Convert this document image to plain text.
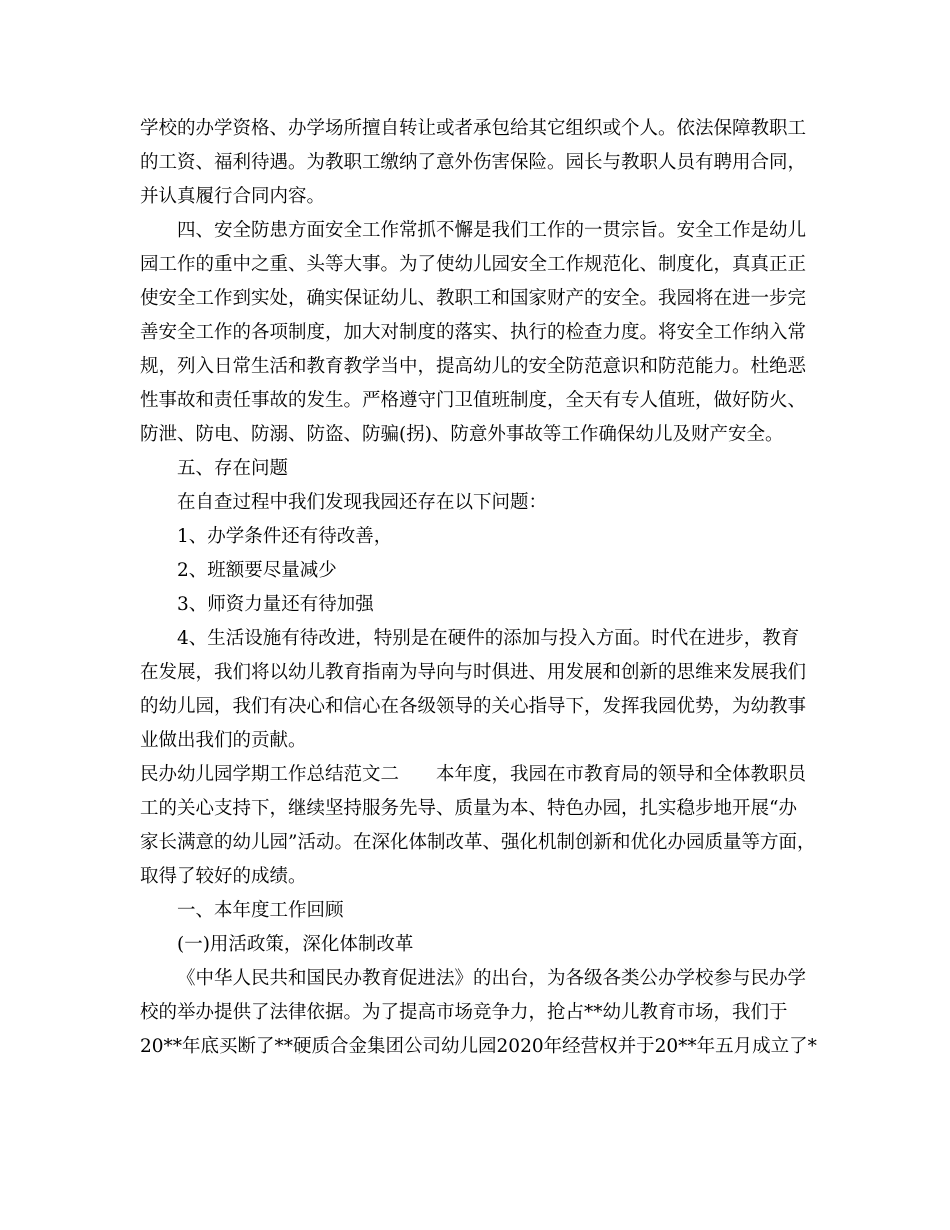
学校的办学资格、办学场所擅自转让或者承包给其它组织或个人。依法保障教职工

的工资、福利待遇。为教职工缴纳了意外伤害保险。园长与教职人员有聘用合同，

并认真履行合同内容。

四、安全防患方面安全工作常抓不懈是我们工作的一贯宗旨。安全工作是幼儿

园工作的重中之重、头等大事。为了使幼儿园安全工作规范化、制度化，真真正正

使安全工作到实处，确实保证幼儿、教职工和国家财产的安全。我园将在进一步完

善安全工作的各项制度，加大对制度的落实、执行的检查力度。将安全工作纳入常

规，列入日常生活和教育教学当中，提高幼儿的安全防范意识和防范能力。杜绝恶

性事故和责任事故的发生。严格遵守门卫值班制度，全天有专人值班，做好防火、

防泄、防电、防溺、防盗、防骗(拐)、防意外事故等工作确保幼儿及财产安全。

五、存在问题

在自查过程中我们发现我园还存在以下问题：

1、办学条件还有待改善，

2、班额要尽量减少

3、师资力量还有待加强

4、生活设施有待改进，特别是在硬件的添加与投入方面。时代在进步，教育

在发展，我们将以幼儿教育指南为导向与时俱进、用发展和创新的思维来发展我们

的幼儿园，我们有决心和信心在各级领导的关心指导下，发挥我园优势，为幼教事

业做出我们的贡献。

民办幼儿园学期工作总结范文二　　本年度，我园在市教育局的领导和全体教职员

工的关心支持下，继续坚持服务先导、质量为本、特色办园，扎实稳步地开展“办

家长满意的幼儿园”活动。在深化体制改革、强化机制创新和优化办园质量等方面，

取得了较好的成绩。

一、本年度工作回顾

(一)用活政策，深化体制改革

《中华人民共和国民办教育促进法》的出台，为各级各类公办学校参与民办学

校的举办提供了法律依据。为了提高市场竞争力，抢占**幼儿教育市场，我们于

20**年底买断了**硬质合金集团公司幼儿园2020年经营权并于20**年五月成立了*
